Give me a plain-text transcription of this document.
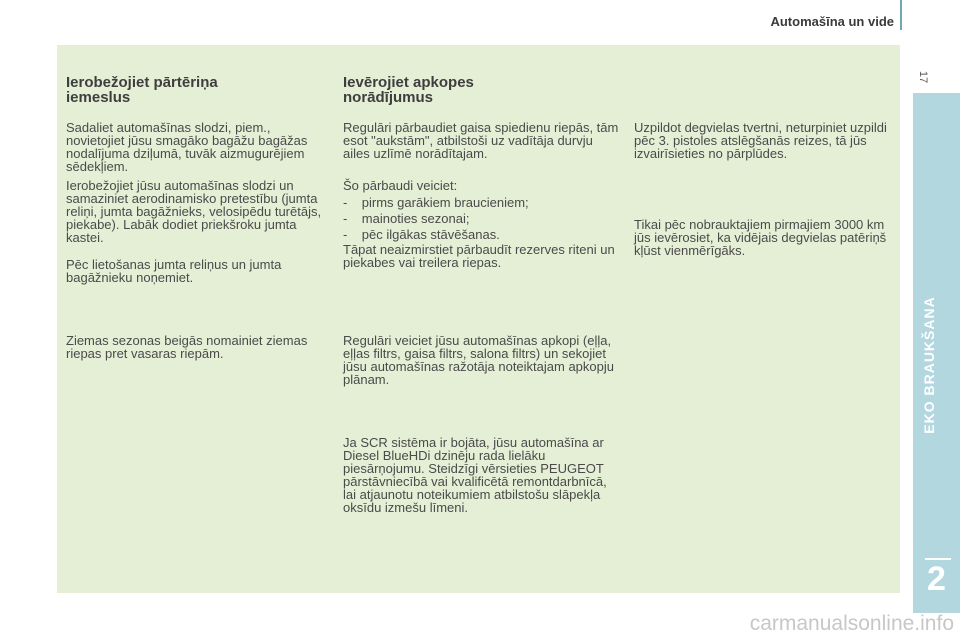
Automašīna un vide
17
EKO BRAUKŠANA
2

Ierobežojiet pārtēriņa iemeslus

Sadaliet automašīnas slodzi, piem., novietojiet jūsu smagāko bagāžu bagāžas nodalījuma dziļumā, tuvāk aizmugurējiem sēdekļiem.

Ierobežojiet jūsu automašīnas slodzi un samaziniet aerodinamisko pretestību (jumta reliņi, jumta bagāžnieks, velosipēdu turētājs, piekabe). Labāk dodiet priekšroku jumta kastei.

Pēc lietošanas jumta reliņus un jumta bagāžnieku noņemiet.

Ziemas sezonas beigās nomainiet ziemas riepas pret vasaras riepām.

Ievērojiet apkopes norādījumus

Regulāri pārbaudiet gaisa spiedienu riepās, tām esot "aukstām", atbilstoši uz vadītāja durvju ailes uzlīmē norādītajam.

Šo pārbaudi veiciet:

-    pirms garākiem braucieniem;

-    mainoties sezonai;

-    pēc ilgākas stāvēšanas.

Tāpat neaizmirstiet pārbaudīt rezerves riteni un piekabes vai treilera riepas.

Regulāri veiciet jūsu automašīnas apkopi (eļļa, eļļas filtrs, gaisa filtrs, salona filtrs) un sekojiet jūsu automašīnas ražotāja noteiktajam apkopju plānam.

Ja SCR sistēma ir bojāta, jūsu automašīna ar Diesel BlueHDi dzinēju rada lielāku piesārņojumu. Steidzīgi vērsieties PEUGEOT pārstāvniecībā vai kvalificētā remontdarbnīcā, lai atjaunotu noteikumiem atbilstošu slāpekļa oksīdu izmešu līmeni.

Uzpildot degvielas tvertni, neturpiniet uzpildi pēc 3. pistoles atslēgšanās reizes, tā jūs izvairīsieties no pārplūdes.

Tikai pēc nobrauktajiem pirmajiem 3000 km jūs ievērosiet, ka vidējais degvielas patēriņš kļūst vienmērīgāks.

carmanualsonline.info
